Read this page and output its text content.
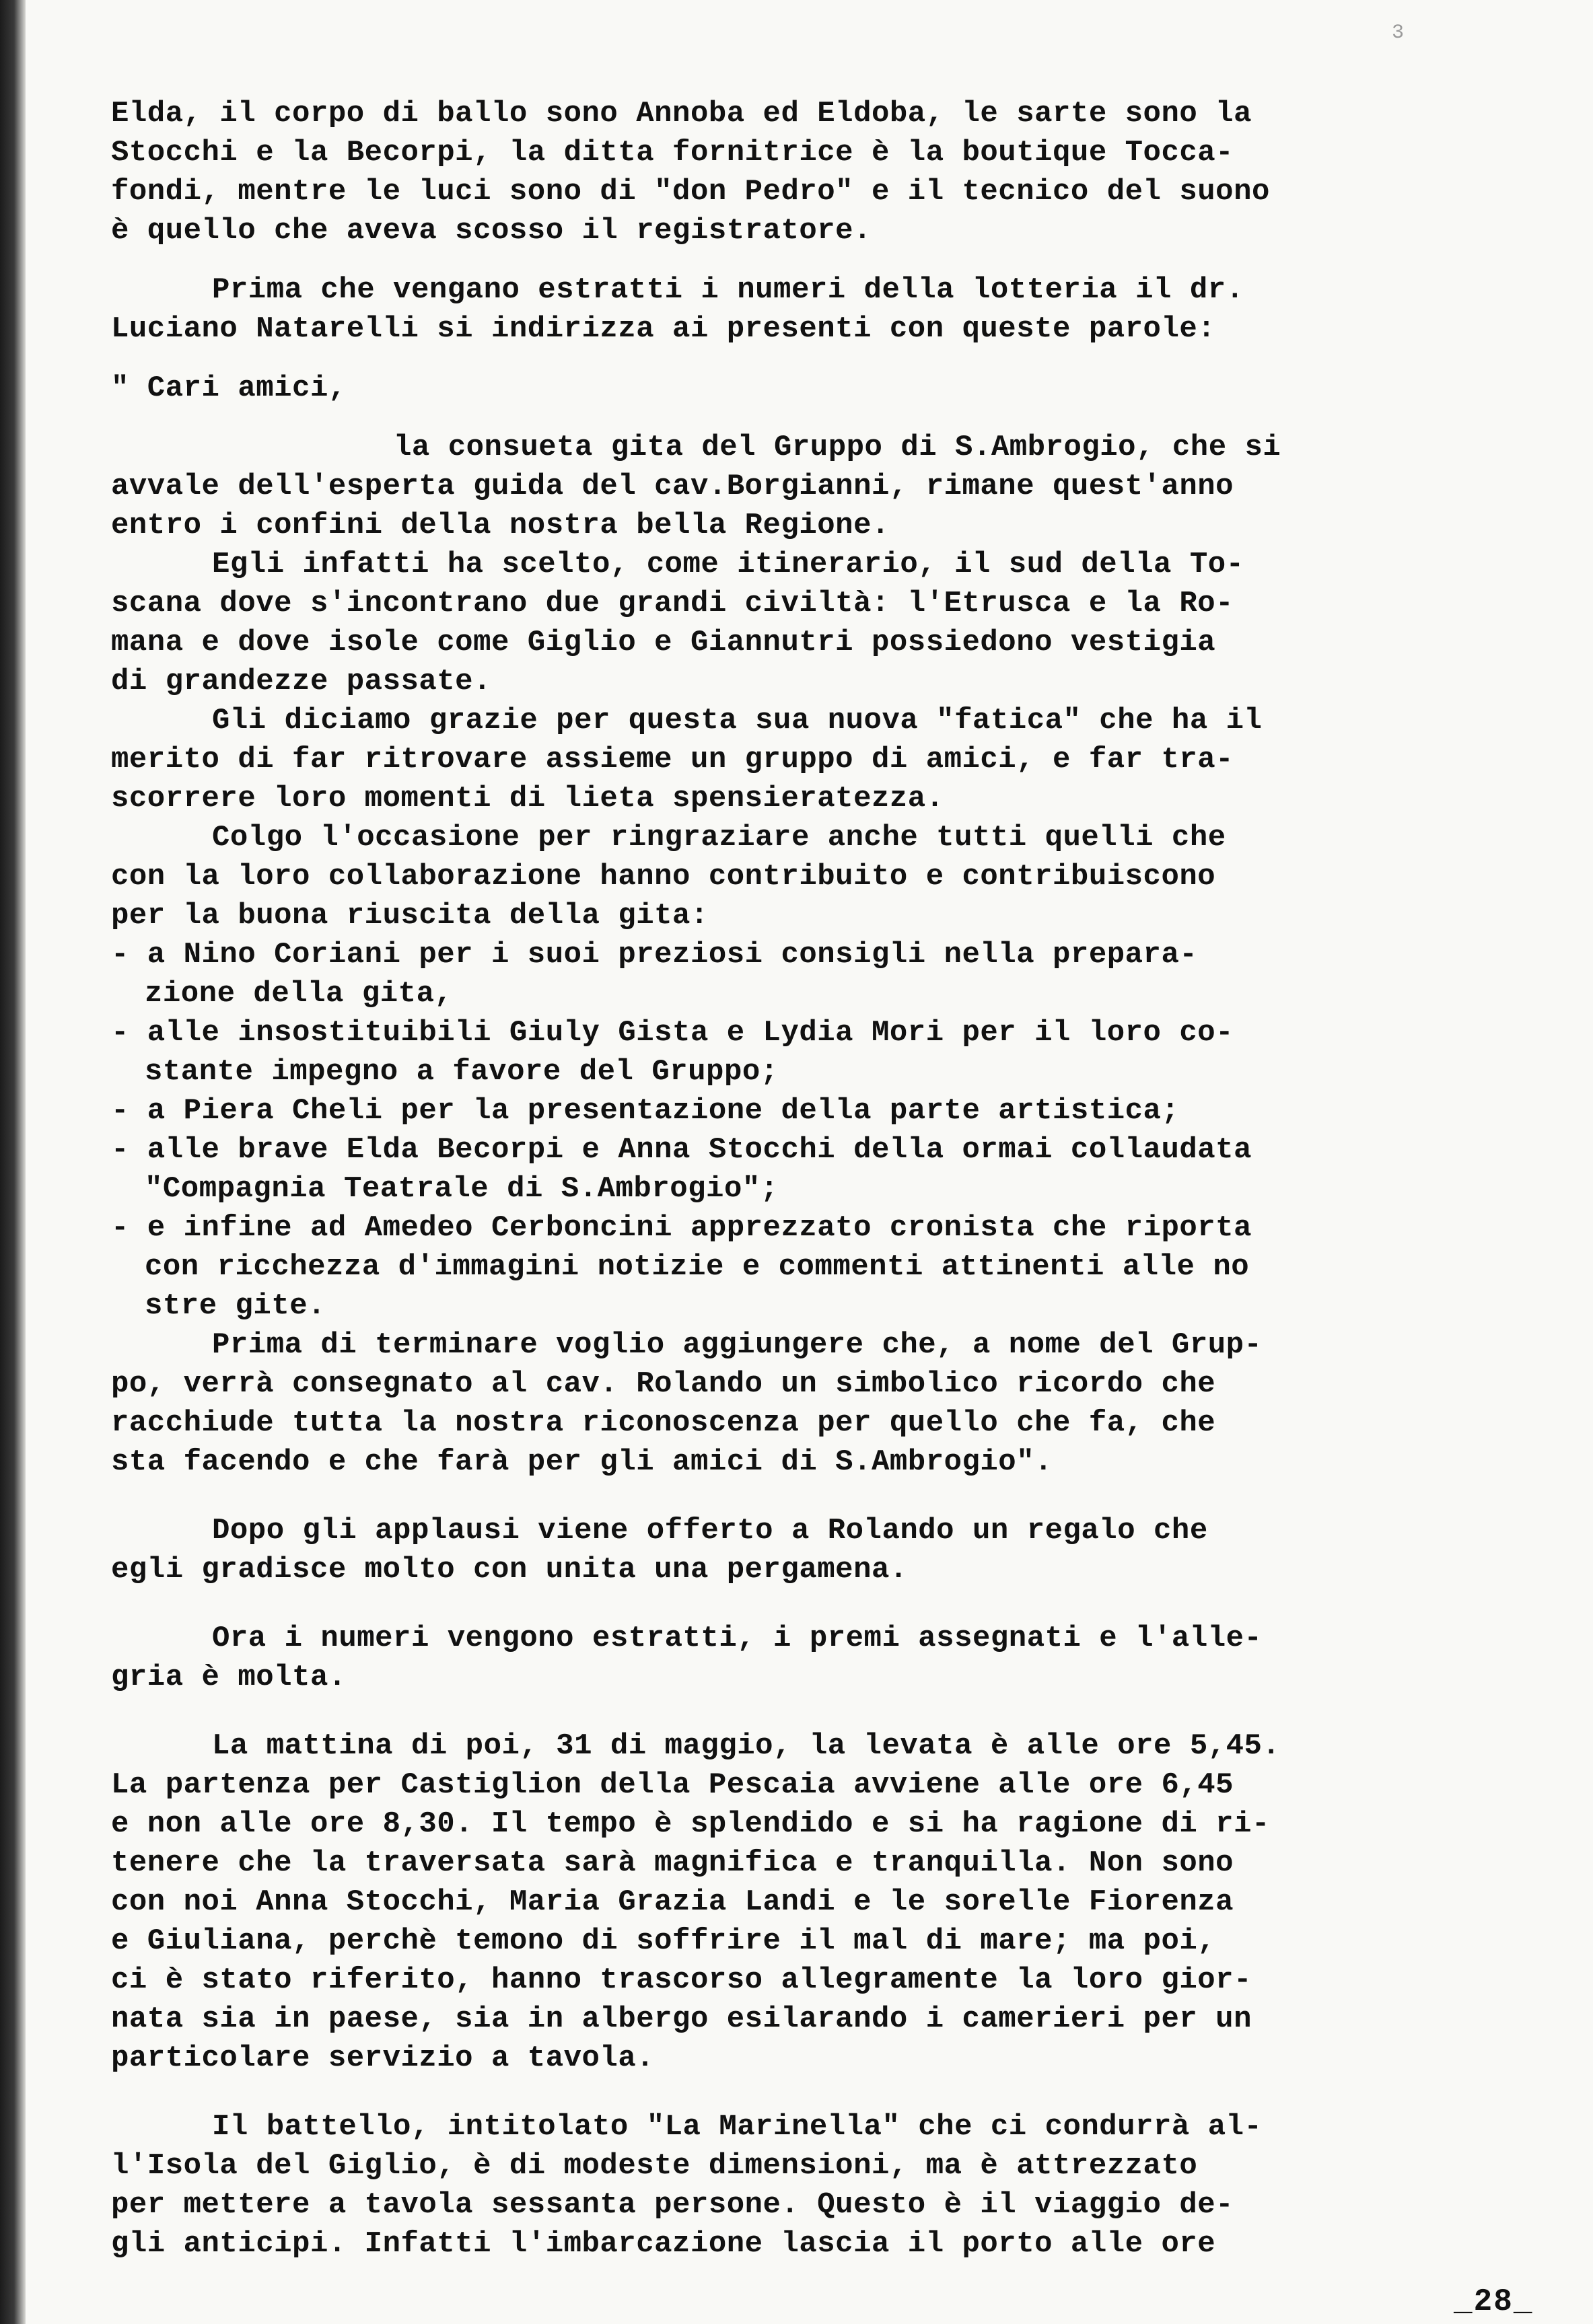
3
Elda, il corpo di ballo sono Annoba ed Eldoba, le sarte sono la
Stocchi e la Becorpi, la ditta fornitrice è la boutique Tocca-
fondi, mentre le luci sono di "don Pedro" e il tecnico del suono
è quello che aveva scosso il registratore.
Prima che vengano estratti i numeri della lotteria il dr.
Luciano Natarelli si indirizza ai presenti con queste parole:
" Cari amici,
la consueta gita del Gruppo di S.Ambrogio, che si
avvale dell'esperta guida del cav.Borgianni, rimane quest'anno
entro i confini della nostra bella Regione.
Egli infatti ha scelto, come itinerario, il sud della To-
scana dove s'incontrano due grandi civiltà: l'Etrusca e la Ro-
mana e dove isole come Giglio e Giannutri possiedono vestigia
di grandezze passate.
Gli diciamo grazie per questa sua nuova "fatica" che ha il
merito di far ritrovare assieme un gruppo di amici, e far tra-
scorrere loro momenti di lieta spensieratezza.
Colgo l'occasione per ringraziare anche tutti quelli che
con la loro collaborazione hanno contribuito e contribuiscono
per la buona riuscita della gita:
- a Nino Coriani per i suoi preziosi consigli nella prepara-
zione della gita,
- alle insostituibili Giuly Gista e Lydia Mori per il loro co-
stante impegno a favore del Gruppo;
- a Piera Cheli per la presentazione della parte artistica;
- alle brave Elda Becorpi e Anna Stocchi della ormai collaudata
"Compagnia Teatrale di S.Ambrogio";
- e infine ad Amedeo Cerboncini apprezzato cronista che riporta
con ricchezza d'immagini notizie e commenti attinenti alle no
stre gite.
Prima di terminare voglio aggiungere che, a nome del Grup-
po, verrà consegnato al cav. Rolando un simbolico ricordo che
racchiude tutta la nostra riconoscenza per quello che fa, che
sta facendo e che farà per gli amici di S.Ambrogio".
Dopo gli applausi viene offerto a Rolando un regalo che
egli gradisce molto con unita una pergamena.
Ora i numeri vengono estratti, i premi assegnati e l'alle-
gria è molta.
La mattina di poi, 31 di maggio, la levata è alle ore 5,45.
La partenza per Castiglion della Pescaia avviene alle ore 6,45
e non alle ore 8,30. Il tempo è splendido e si ha ragione di ri-
tenere che la traversata sarà magnifica e tranquilla. Non sono
con noi Anna Stocchi, Maria Grazia Landi e le sorelle Fiorenza
e Giuliana, perchè temono di soffrire il mal di mare; ma poi,
ci è stato riferito, hanno trascorso allegramente la loro gior-
nata sia in paese, sia in albergo esilarando i camerieri per un
particolare servizio a tavola.
Il battello, intitolato "La Marinella" che ci condurrà al-
l'Isola del Giglio, è di modeste dimensioni, ma è attrezzato
per mettere a tavola sessanta persone. Questo è il viaggio de-
gli anticipi. Infatti l'imbarcazione lascia il porto alle ore
_28_
